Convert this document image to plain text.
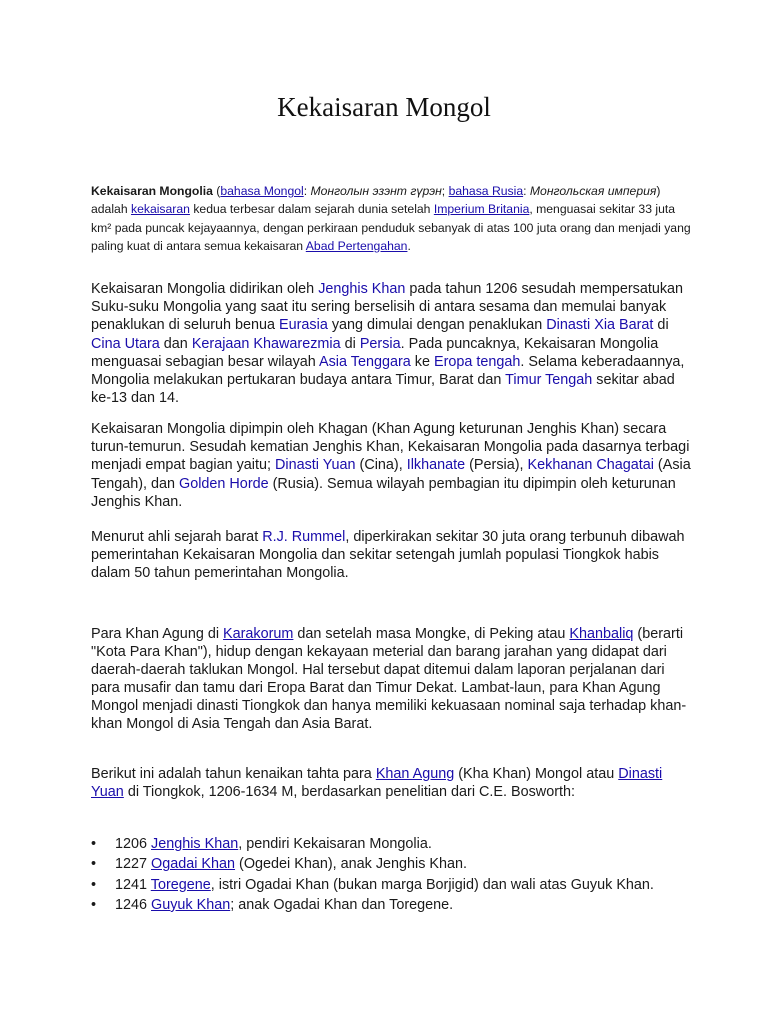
Kekaisaran Mongol

Kekaisaran Mongolia (bahasa Mongol: Монголын эзэнт гүрэн; bahasa Rusia: Монгольская империя) adalah kekaisaran kedua terbesar dalam sejarah dunia setelah Imperium Britania, menguasai sekitar 33 juta km² pada puncak kejayaannya, dengan perkiraan penduduk sebanyak di atas 100 juta orang dan menjadi yang paling kuat di antara semua kekaisaran Abad Pertengahan.

Kekaisaran Mongolia didirikan oleh Jenghis Khan pada tahun 1206 sesudah mempersatukan Suku-suku Mongolia yang saat itu sering berselisih di antara sesama dan memulai banyak penaklukan di seluruh benua Eurasia yang dimulai dengan penaklukan Dinasti Xia Barat di Cina Utara dan Kerajaan Khawarezmia di Persia. Pada puncaknya, Kekaisaran Mongolia menguasai sebagian besar wilayah Asia Tenggara ke Eropa tengah. Selama keberadaannya, Mongolia melakukan pertukaran budaya antara Timur, Barat dan Timur Tengah sekitar abad ke-13 dan 14.

Kekaisaran Mongolia dipimpin oleh Khagan (Khan Agung keturunan Jenghis Khan) secara turun-temurun. Sesudah kematian Jenghis Khan, Kekaisaran Mongolia pada dasarnya terbagi menjadi empat bagian yaitu; Dinasti Yuan (Cina), Ilkhanate (Persia), Kekhanan Chagatai (Asia Tengah), dan Golden Horde (Rusia). Semua wilayah pembagian itu dipimpin oleh keturunan Jenghis Khan.

Menurut ahli sejarah barat R.J. Rummel, diperkirakan sekitar 30 juta orang terbunuh dibawah pemerintahan Kekaisaran Mongolia dan sekitar setengah jumlah populasi Tiongkok habis dalam 50 tahun pemerintahan Mongolia.

Para Khan Agung di Karakorum dan setelah masa Mongke, di Peking atau Khanbaliq (berarti "Kota Para Khan"), hidup dengan kekayaan meterial dan barang jarahan yang didapat dari daerah-daerah taklukan Mongol. Hal tersebut dapat ditemui dalam laporan perjalanan dari para musafir dan tamu dari Eropa Barat dan Timur Dekat. Lambat-laun, para Khan Agung Mongol menjadi dinasti Tiongkok dan hanya memiliki kekuasaan nominal saja terhadap khan-khan Mongol di Asia Tengah dan Asia Barat.

Berikut ini adalah tahun kenaikan tahta para Khan Agung (Kha Khan) Mongol atau Dinasti Yuan di Tiongkok, 1206-1634 M, berdasarkan penelitian dari C.E. Bosworth:

• 1206 Jenghis Khan, pendiri Kekaisaran Mongolia.
• 1227 Ogadai Khan (Ogedei Khan), anak Jenghis Khan.
• 1241 Toregene, istri Ogadai Khan (bukan marga Borjigid) dan wali atas Guyuk Khan.
• 1246 Guyuk Khan; anak Ogadai Khan dan Toregene.
